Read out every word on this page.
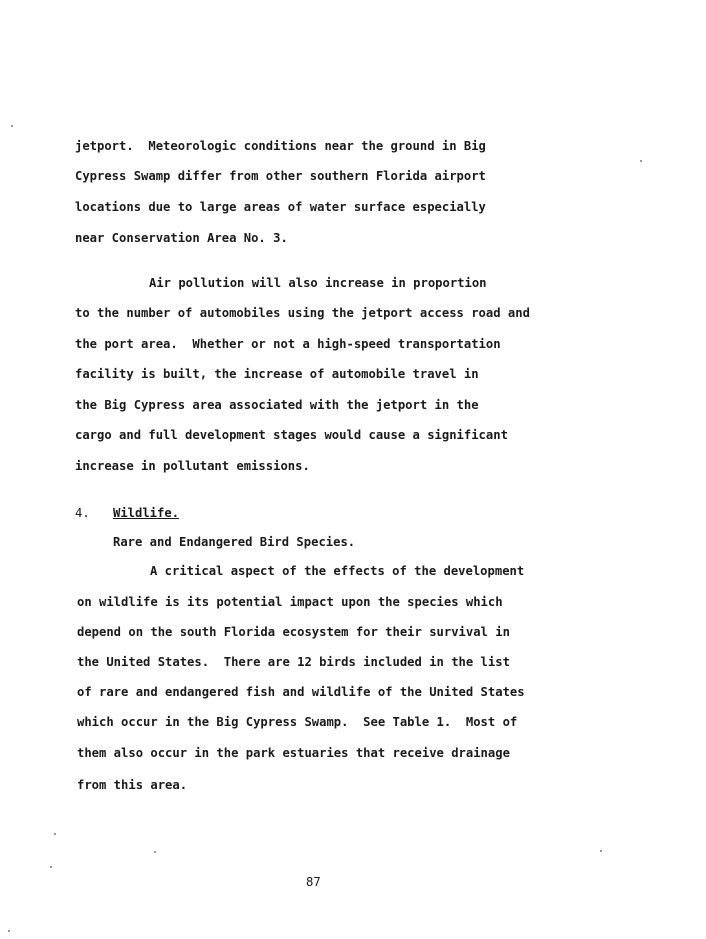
jetport.  Meteorologic conditions near the ground in Big
Cypress Swamp differ from other southern Florida airport
locations due to large areas of water surface especially
near Conservation Area No. 3.
Air pollution will also increase in proportion
to the number of automobiles using the jetport access road and
the port area.  Whether or not a high-speed transportation
facility is built, the increase of automobile travel in
the Big Cypress area associated with the jetport in the
cargo and full development stages would cause a significant
increase in pollutant emissions.
4. Wildlife.
Rare and Endangered Bird Species.
A critical aspect of the effects of the development
on wildlife is its potential impact upon the species which
depend on the south Florida ecosystem for their survival in
the United States.  There are 12 birds included in the list
of rare and endangered fish and wildlife of the United States
which occur in the Big Cypress Swamp.  See Table 1.  Most of
them also occur in the park estuaries that receive drainage
from this area.
87
